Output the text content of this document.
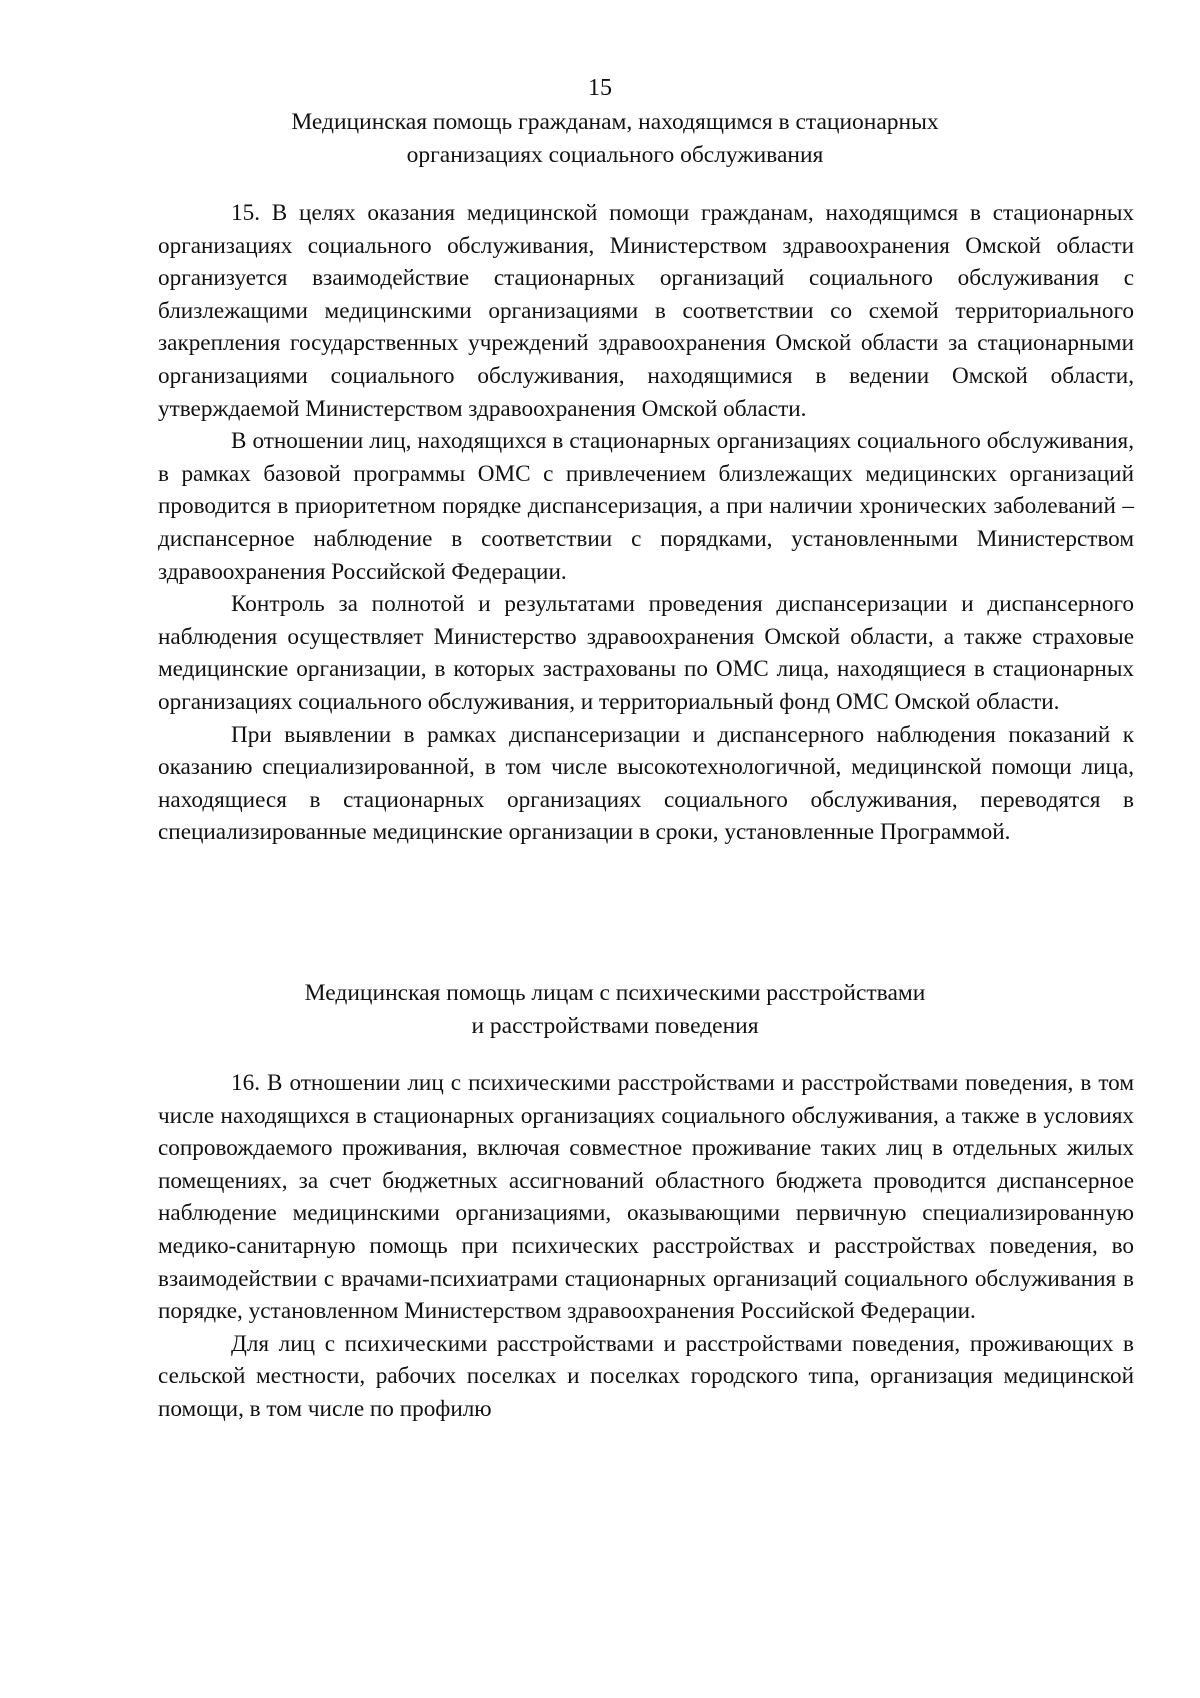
15
Медицинская помощь гражданам, находящимся в стационарных
организациях социального обслуживания

15. В целях оказания медицинской помощи гражданам, находящимся в стационарных организациях социального обслуживания, Министерством здравоохранения Омской области организуется взаимодействие стационарных организаций социального обслуживания с близлежащими медицинскими организациями в соответствии со схемой территориального закрепления государственных учреждений здравоохранения Омской области за стационарными организациями социального обслуживания, находящимися в ведении Омской области, утверждаемой Министерством здравоохранения Омской области.

В отношении лиц, находящихся в стационарных организациях социального обслуживания, в рамках базовой программы ОМС с привлечением близлежащих медицинских организаций проводится в приоритетном порядке диспансеризация, а при наличии хронических заболеваний – диспансерное наблюдение в соответствии с порядками, установленными Министерством здравоохранения Российской Федерации.

Контроль за полнотой и результатами проведения диспансеризации и диспансерного наблюдения осуществляет Министерство здравоохранения Омской области, а также страховые медицинские организации, в которых застрахованы по ОМС лица, находящиеся в стационарных организациях социального обслуживания, и территориальный фонд ОМС Омской области.

При выявлении в рамках диспансеризации и диспансерного наблюдения показаний к оказанию специализированной, в том числе высокотехнологичной, медицинской помощи лица, находящиеся в стационарных организациях социального обслуживания, переводятся в специализированные медицинские организации в сроки, установленные Программой.

Медицинская помощь лицам с психическими расстройствами
и расстройствами поведения

16. В отношении лиц с психическими расстройствами и расстройствами поведения, в том числе находящихся в стационарных организациях социального обслуживания, а также в условиях сопровождаемого проживания, включая совместное проживание таких лиц в отдельных жилых помещениях, за счет бюджетных ассигнований областного бюджета проводится диспансерное наблюдение медицинскими организациями, оказывающими первичную специализированную медико-санитарную помощь при психических расстройствах и расстройствах поведения, во взаимодействии с врачами-психиатрами стационарных организаций социального обслуживания в порядке, установленном Министерством здравоохранения Российской Федерации.

Для лиц с психическими расстройствами и расстройствами поведения, проживающих в сельской местности, рабочих поселках и поселках городского типа, организация медицинской помощи, в том числе по профилю
